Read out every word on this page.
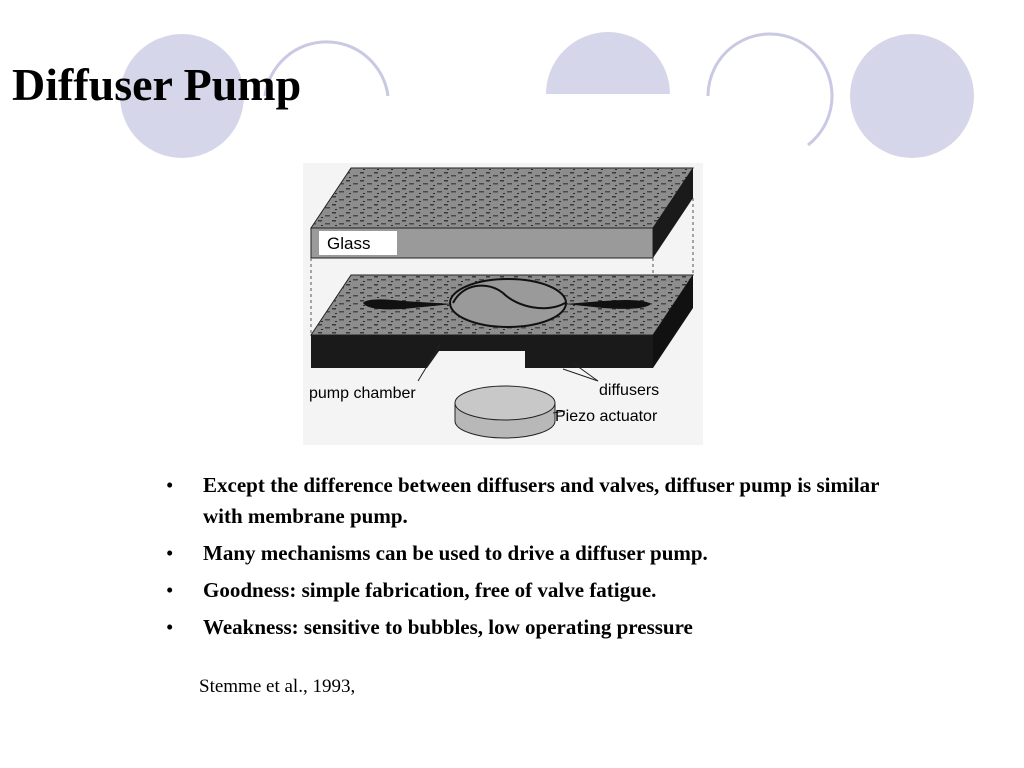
Diffuser Pump
Glass
pump chamber	diffusers
Piezo actuator
• Except the difference between diffusers and valves, diffuser pump is similar with membrane pump.
• Many mechanisms can be used to drive a diffuser pump.
• Goodness: simple fabrication, free of valve fatigue.
• Weakness: sensitive to bubbles, low operating pressure
Stemme et al., 1993,
